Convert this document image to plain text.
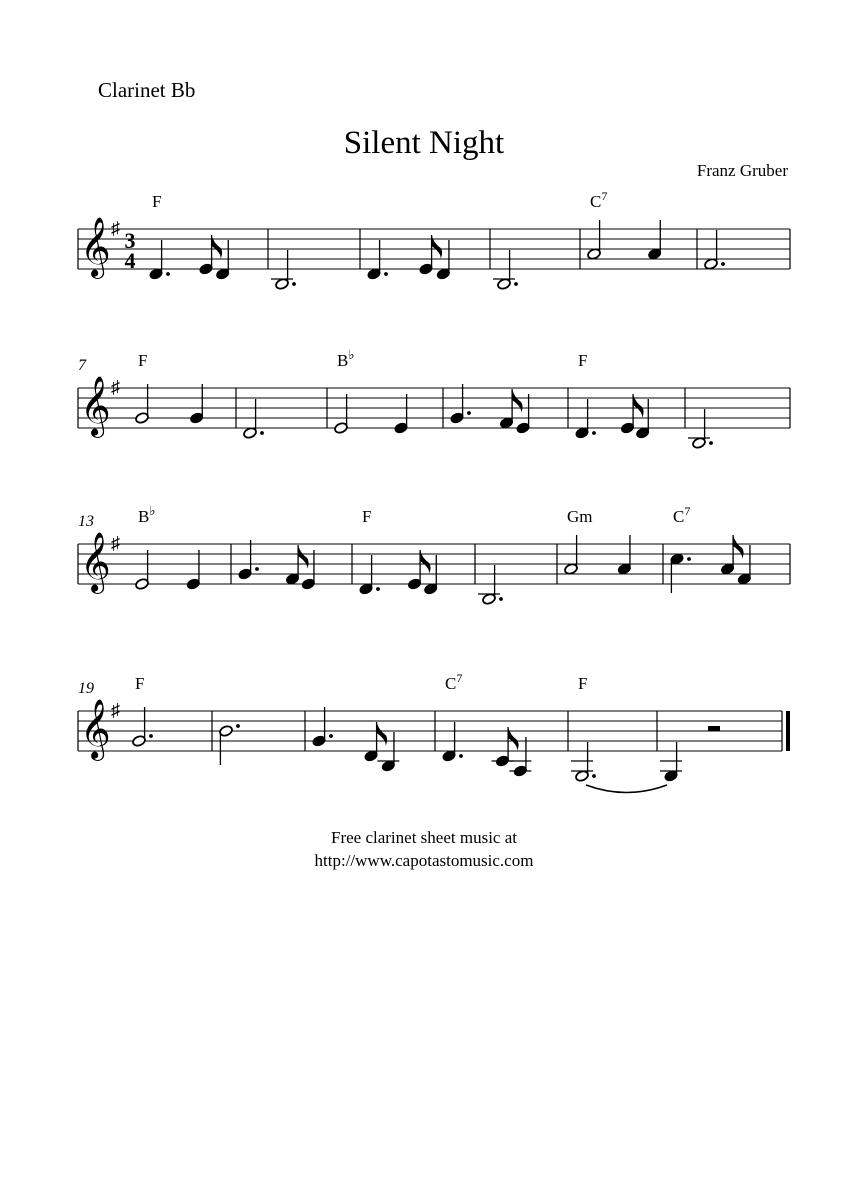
Clarinet Bb
Silent Night
Franz Gruber
𝄞 ♯ 3
4
F	$C^7$
𝄞 ♯
7	F	B♭	F
𝄞 ♯
13	B♭	F	Gm	$C^7$
𝄞 ♯
19 F	$C^7$	F
Free clarinet sheet music at
http://www.capotastomusic.com
